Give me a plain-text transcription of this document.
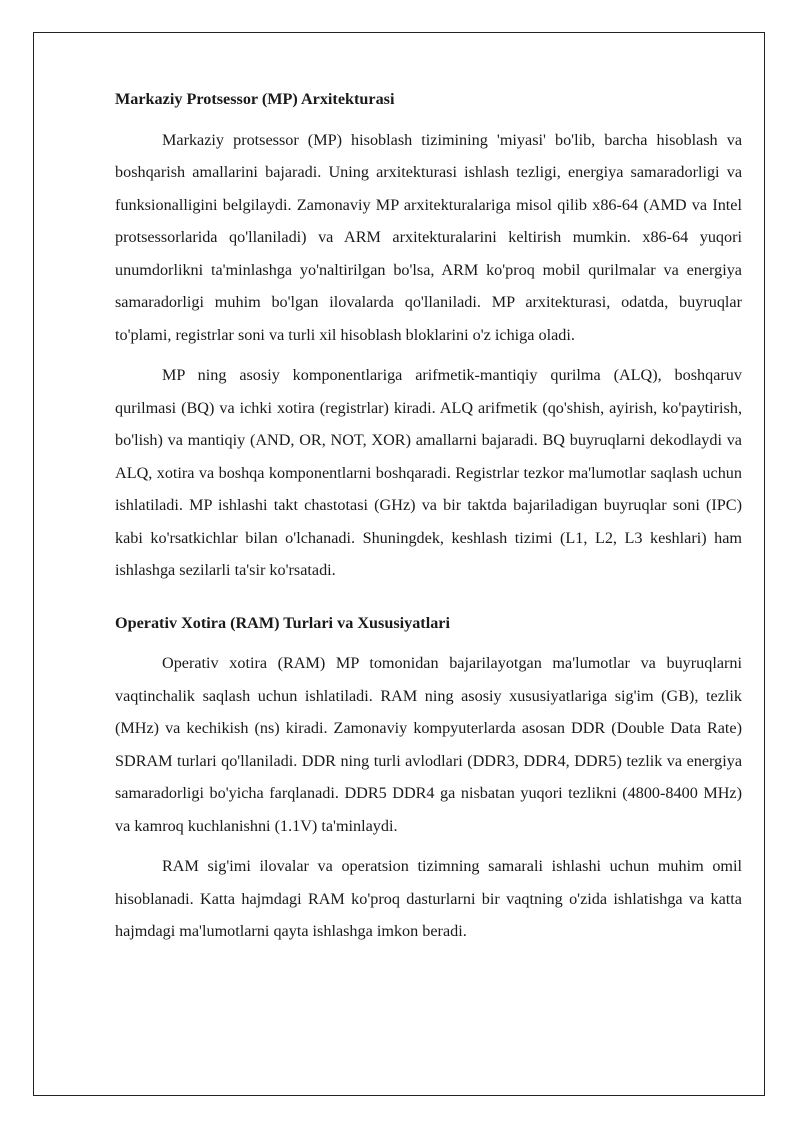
Markaziy Protsessor (MP) Arxitekturasi

Markaziy protsessor (MP) hisoblash tizimining 'miyasi' bo'lib, barcha hisoblash va boshqarish amallarini bajaradi. Uning arxitekturasi ishlash tezligi, energiya samaradorligi va funksionalligini belgilaydi. Zamonaviy MP arxitekturalariga misol qilib x86-64 (AMD va Intel protsessorlarida qo'llaniladi) va ARM arxitekturalarini keltirish mumkin. x86-64 yuqori unumdorlikni ta'minlashga yo'naltirilgan bo'lsa, ARM ko'proq mobil qurilmalar va energiya samaradorligi muhim bo'lgan ilovalarda qo'llaniladi. MP arxitekturasi, odatda, buyruqlar to'plami, registrlar soni va turli xil hisoblash bloklarini o'z ichiga oladi.

MP ning asosiy komponentlariga arifmetik-mantiqiy qurilma (ALQ), boshqaruv qurilmasi (BQ) va ichki xotira (registrlar) kiradi. ALQ arifmetik (qo'shish, ayirish, ko'paytirish, bo'lish) va mantiqiy (AND, OR, NOT, XOR) amallarni bajaradi. BQ buyruqlarni dekodlaydi va ALQ, xotira va boshqa komponentlarni boshqaradi. Registrlar tezkor ma'lumotlar saqlash uchun ishlatiladi. MP ishlashi takt chastotasi (GHz) va bir taktda bajariladigan buyruqlar soni (IPC) kabi ko'rsatkichlar bilan o'lchanadi. Shuningdek, keshlash tizimi (L1, L2, L3 keshlari) ham ishlashga sezilarli ta'sir ko'rsatadi.

Operativ Xotira (RAM) Turlari va Xususiyatlari

Operativ xotira (RAM) MP tomonidan bajarilayotgan ma'lumotlar va buyruqlarni vaqtinchalik saqlash uchun ishlatiladi. RAM ning asosiy xususiyatlariga sig'im (GB), tezlik (MHz) va kechikish (ns) kiradi. Zamonaviy kompyuterlarda asosan DDR (Double Data Rate) SDRAM turlari qo'llaniladi. DDR ning turli avlodlari (DDR3, DDR4, DDR5) tezlik va energiya samaradorligi bo'yicha farqlanadi. DDR5 DDR4 ga nisbatan yuqori tezlikni (4800-8400 MHz) va kamroq kuchlanishni (1.1V) ta'minlaydi.

RAM sig'imi ilovalar va operatsion tizimning samarali ishlashi uchun muhim omil hisoblanadi. Katta hajmdagi RAM ko'proq dasturlarni bir vaqtning o'zida ishlatishga va katta hajmdagi ma'lumotlarni qayta ishlashga imkon beradi.
